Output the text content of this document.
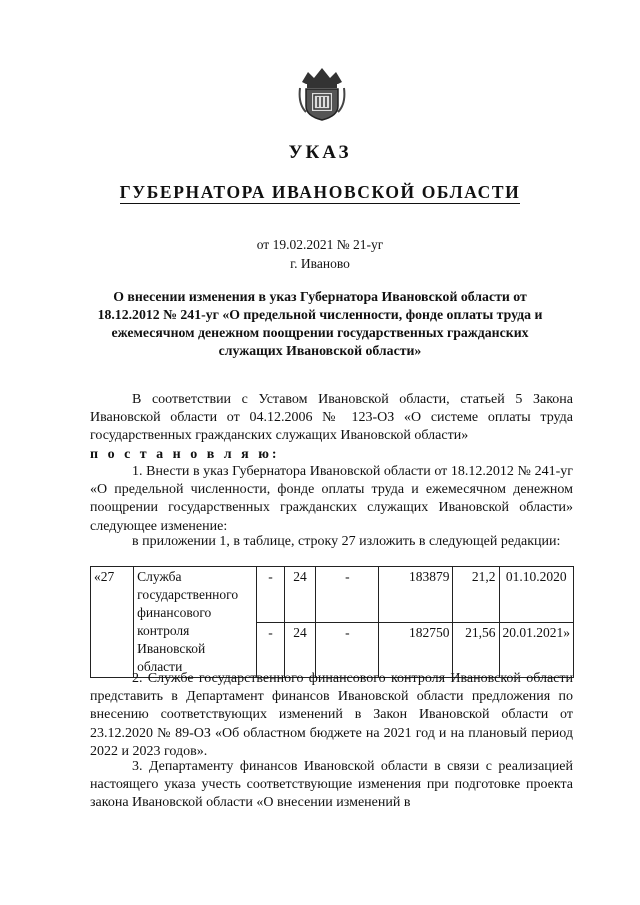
УКАЗ
ГУБЕРНАТОРА ИВАНОВСКОЙ ОБЛАСТИ
от 19.02.2021 № 21-уг
г. Иваново
О внесении изменения в указ Губернатора Ивановской области от 18.12.2012 № 241-уг «О предельной численности, фонде оплаты труда и ежемесячном денежном поощрении государственных гражданских служащих Ивановской области»
В соответствии с Уставом Ивановской области, статьей 5 Закона Ивановской области от 04.12.2006 № 123-ОЗ «О системе оплаты труда государственных гражданских служащих Ивановской области»
п о с т а н о в л я ю:
1. Внести в указ Губернатора Ивановской области от 18.12.2012 № 241-уг «О предельной численности, фонде оплаты труда и ежемесячном денежном поощрении государственных гражданских служащих Ивановской области» следующее изменение:
в приложении 1, в таблице, строку 27 изложить в следующей редакции:
«27	Служба государственного финансового контроля Ивановской области	-	24	-	183879	21,2	01.10.2020
		-	24	-	182750	21,56	20.01.2021»
2. Службе государственного финансового контроля Ивановской области представить в Департамент финансов Ивановской области предложения по внесению соответствующих изменений в Закон Ивановской области от 23.12.2020 № 89-ОЗ «Об областном бюджете на 2021 год и на плановый период 2022 и 2023 годов».
3. Департаменту финансов Ивановской области в связи с реализацией настоящего указа учесть соответствующие изменения при подготовке проекта закона Ивановской области «О внесении изменений в
